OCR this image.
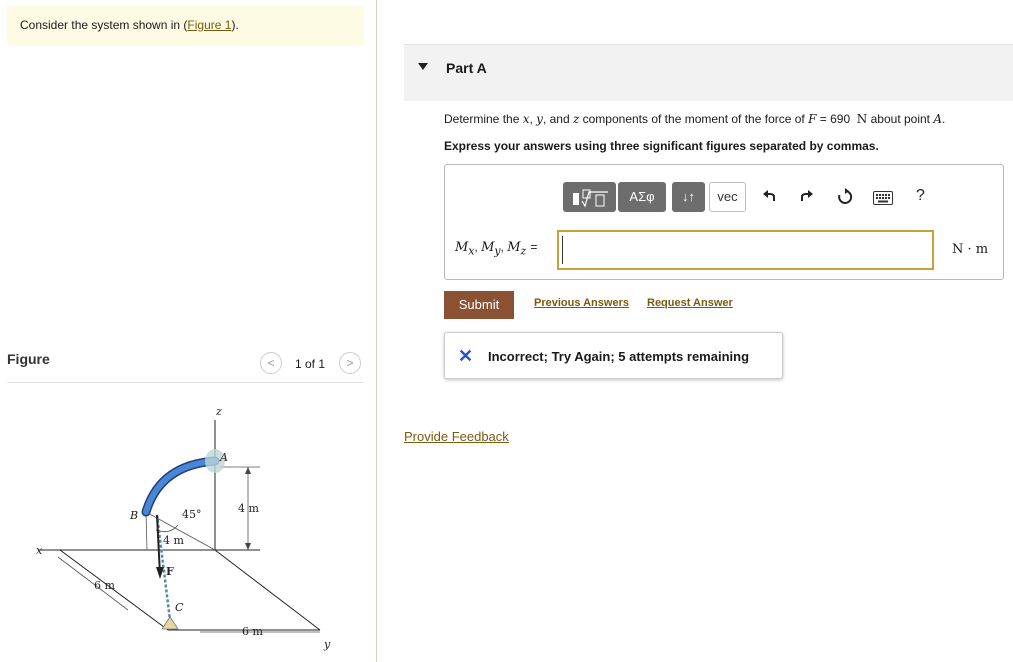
Consider the system shown in (Figure 1).
Figure	<	1 of 1	>
z
x
y
A
B
C
F
45°	4 m
4 m
6 m
6 m
Part A
Determine the x, y, and z components of the moment of the force of F = 690  N about point A.
Express your answers using three significant figures separated by commas.
ΑΣφ	↓↑	vec	?
$M_x$, $M_y$, $M_z$ =	N · m
Submit	Previous Answers Request Answer
✕ Incorrect; Try Again; 5 attempts remaining
Provide Feedback
